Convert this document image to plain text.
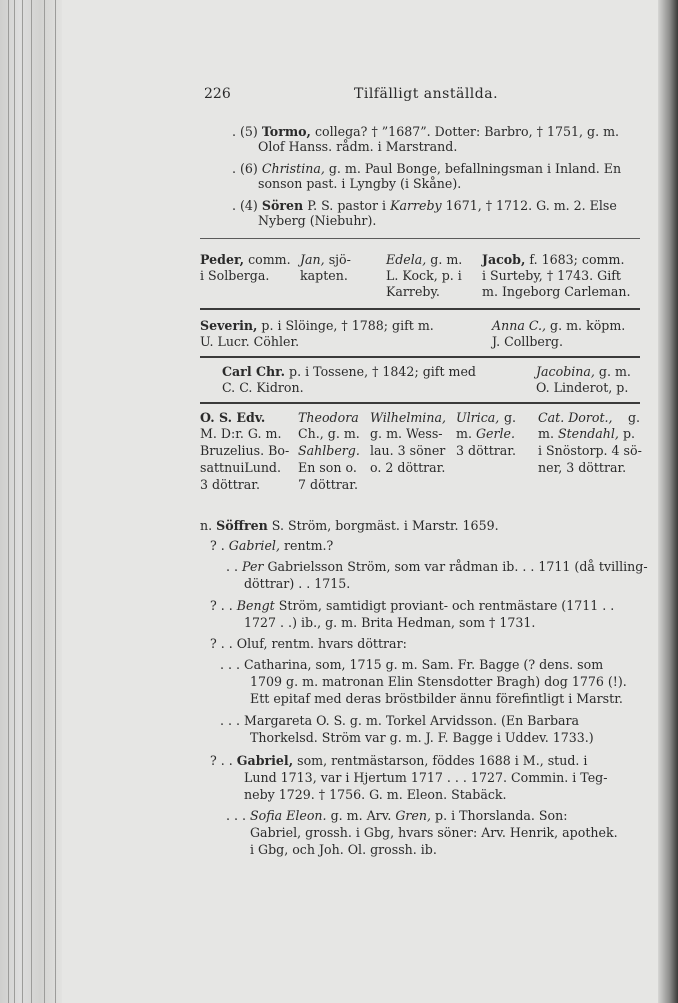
226	Tilfälligt anställda.
. (5) Tormo, collega? † ”1687”. Dotter: Barbro, † 1751, g. m.
Olof Hanss. rådm. i Marstrand.
. (6) Christina, g. m. Paul Bonge, befallningsman i Inland. En
sonson past. i Lyngby (i Skåne).
. (4) Sören P. S. pastor i Karreby 1671, † 1712. G. m. 2. Else
Nyberg (Niebuhr).
Peder, comm.
i Solberga.
Jan, sjö-
kapten.
Edela, g. m.
L. Kock, p. i
Karreby.
Jacob, f. 1683; comm.
i Surteby, † 1743. Gift
m. Ingeborg Carleman.
Severin, p. i Slöinge, † 1788; gift m.
U. Lucr. Cöhler.
Anna C., g. m. köpm.
J. Collberg.
Carl Chr. p. i Tossene, † 1842; gift med
C. C. Kidron.
Jacobina, g. m.
O. Linderot, p.
O. S. Edv.
M. D:r. G. m.
Bruzelius. Bo-
sattnuiLund.
3 döttrar.
Theodora
Ch., g. m.
Sahlberg.
En son o.
7 döttrar.
Wilhelmina,
g. m. Wess-
lau. 3 söner
o. 2 döttrar.
Ulrica, g.
m. Gerle.
3 döttrar.
Cat. Dorot., g.
m. Stendahl, p.
i Snöstorp. 4 sö-
ner, 3 döttrar.
n. Söffren S. Ström, borgmäst. i Marstr. 1659.
? . Gabriel, rentm.?
. . Per Gabrielsson Ström, som var rådman ib. . . 1711 (då tvilling-
döttrar) . . 1715.
? . . Bengt Ström, samtidigt proviant- och rentmästare (1711 . .
1727 . .) ib., g. m. Brita Hedman, som † 1731.
? . . Oluf, rentm. hvars döttrar:
. . . Catharina, som, 1715 g. m. Sam. Fr. Bagge (? dens. som
1709 g. m. matronan Elin Stensdotter Bragh) dog 1776 (!).
Ett epitaf med deras bröstbilder ännu förefintligt i Marstr.
. . . Margareta O. S. g. m. Torkel Arvidsson. (En Barbara
Thorkelsd. Ström var g. m. J. F. Bagge i Uddev. 1733.)
? . . Gabriel, som, rentmästarson, föddes 1688 i M., stud. i
Lund 1713, var i Hjertum 1717 . . . 1727. Commin. i Teg-
neby 1729. † 1756. G. m. Eleon. Stabäck.
. . . Sofia Eleon. g. m. Arv. Gren, p. i Thorslanda. Son:
Gabriel, grossh. i Gbg, hvars söner: Arv. Henrik, apothek.
i Gbg, och Joh. Ol. grossh. ib.
